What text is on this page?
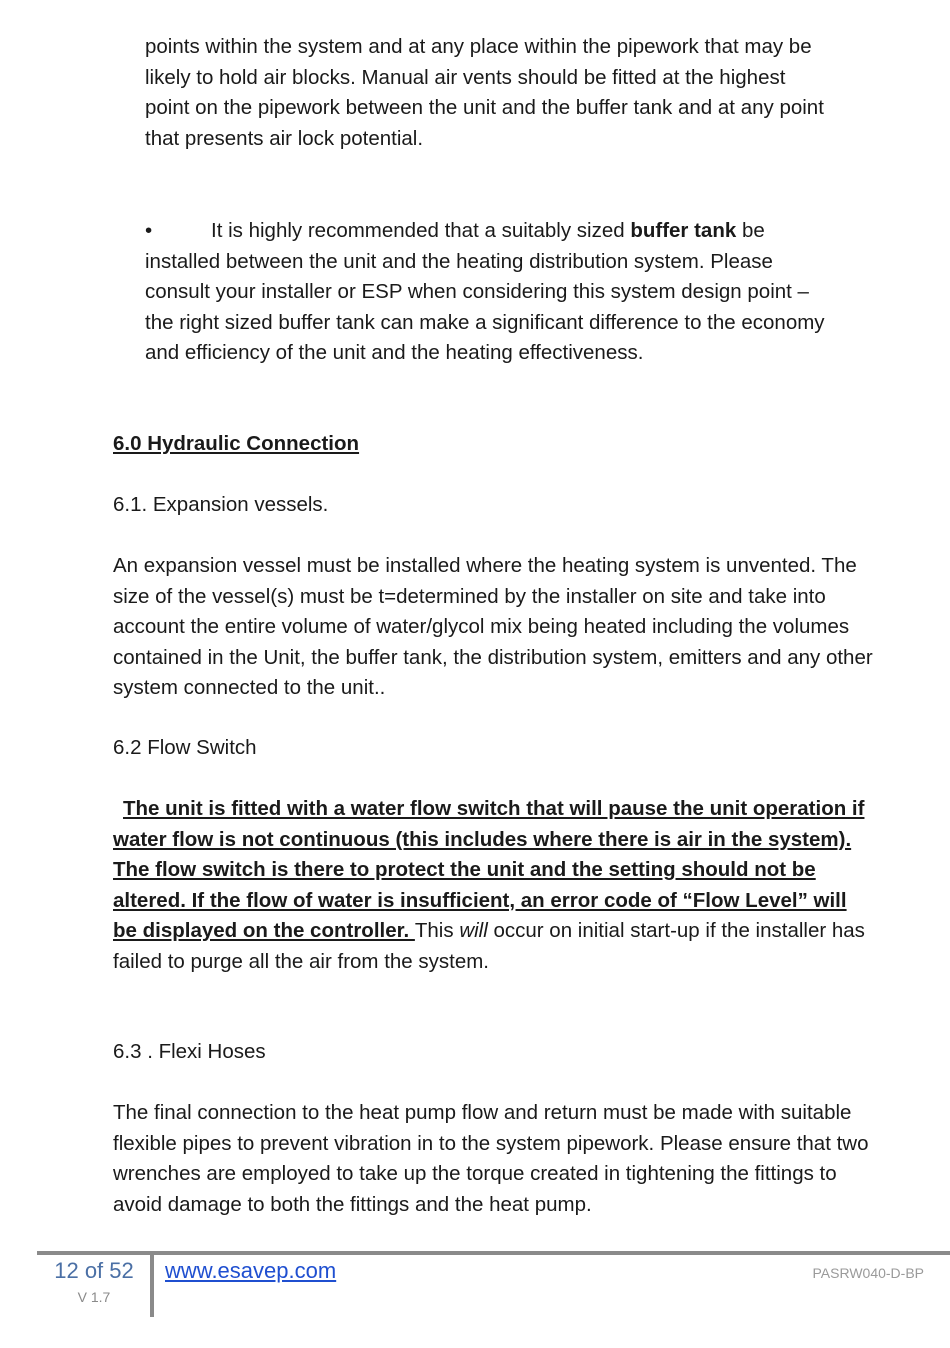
points within the system and at any place within the pipework that may be likely to hold air blocks. Manual air vents should be fitted at the highest point on the pipework between the unit and the buffer tank and at any point that presents air lock potential.

•	It is highly recommended that a suitably sized buffer tank be installed between the unit and the heating distribution system. Please consult your installer or ESP when considering this system design point – the right sized buffer tank can make a significant difference to the economy and efficiency of the unit and the heating effectiveness.

6.0 Hydraulic Connection

6.1. Expansion vessels.

An expansion vessel must be installed where the heating system is unvented. The size of the vessel(s) must be t=determined by the installer on site and take into account the entire volume of water/glycol mix being heated including the volumes contained in the Unit, the buffer tank, the distribution system, emitters and any other system connected to the unit..

6.2 Flow Switch

The unit is fitted with a water flow switch that will pause the unit operation if water flow is not continuous (this includes where there is air in the system). The flow switch is there to protect the unit and the setting should not be altered. If the flow of water is insufficient, an error code of “Flow Level” will be displayed on the controller. This will occur on initial start-up if the installer has failed to purge all the air from the system.

6.3 . Flexi Hoses

The final connection to the heat pump flow and return must be made with suitable flexible pipes to prevent vibration in to the system pipework. Please ensure that two wrenches are employed to take up the torque created in tightening the fittings to avoid damage to both the fittings and the heat pump.

12 of 52
V 1.7
www.esavep.com	PASRW040-D-BP
